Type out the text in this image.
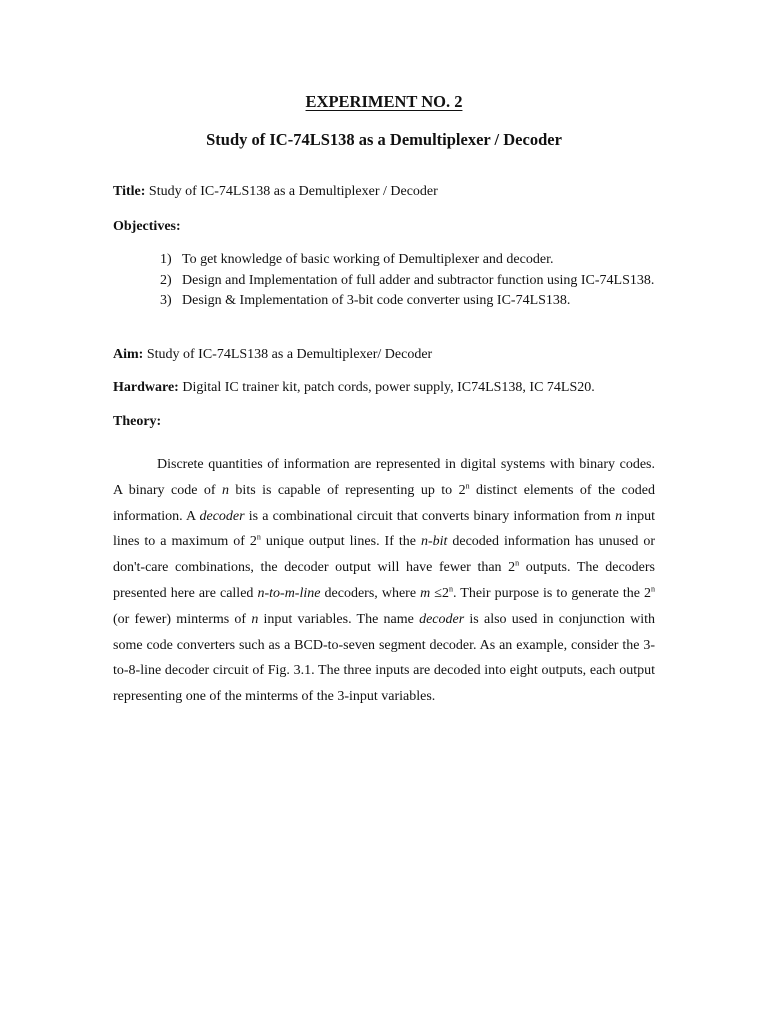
EXPERIMENT NO. 2
Study of IC-74LS138 as a Demultiplexer / Decoder
Title: Study of IC-74LS138 as a Demultiplexer / Decoder
Objectives:
1) To get knowledge of basic working of Demultiplexer and decoder.
2) Design and Implementation of full adder and subtractor function using IC-74LS138.
3) Design & Implementation of 3-bit code converter using IC-74LS138.
Aim: Study of IC-74LS138 as a Demultiplexer/ Decoder
Hardware: Digital IC trainer kit, patch cords, power supply, IC74LS138, IC 74LS20.
Theory:

Discrete quantities of information are represented in digital systems with binary codes. A binary code of n bits is capable of representing up to 2$^n$ distinct elements of the coded information. A decoder is a combinational circuit that converts binary information from n input lines to a maximum of 2$^n$ unique output lines. If the n-bit decoded information has unused or don't-care combinations, the decoder output will have fewer than 2$^n$ outputs. The decoders presented here are called n-to-m-line decoders, where $m \le 2^n$. Their purpose is to generate the 2$^n$ (or fewer) minterms of n input variables. The name decoder is also used in conjunction with some code converters such as a BCD-to-seven segment decoder. As an example, consider the 3-to-8-line decoder circuit of Fig. 3.1. The three inputs are decoded into eight outputs, each output representing one of the minterms of the 3-input variables.
